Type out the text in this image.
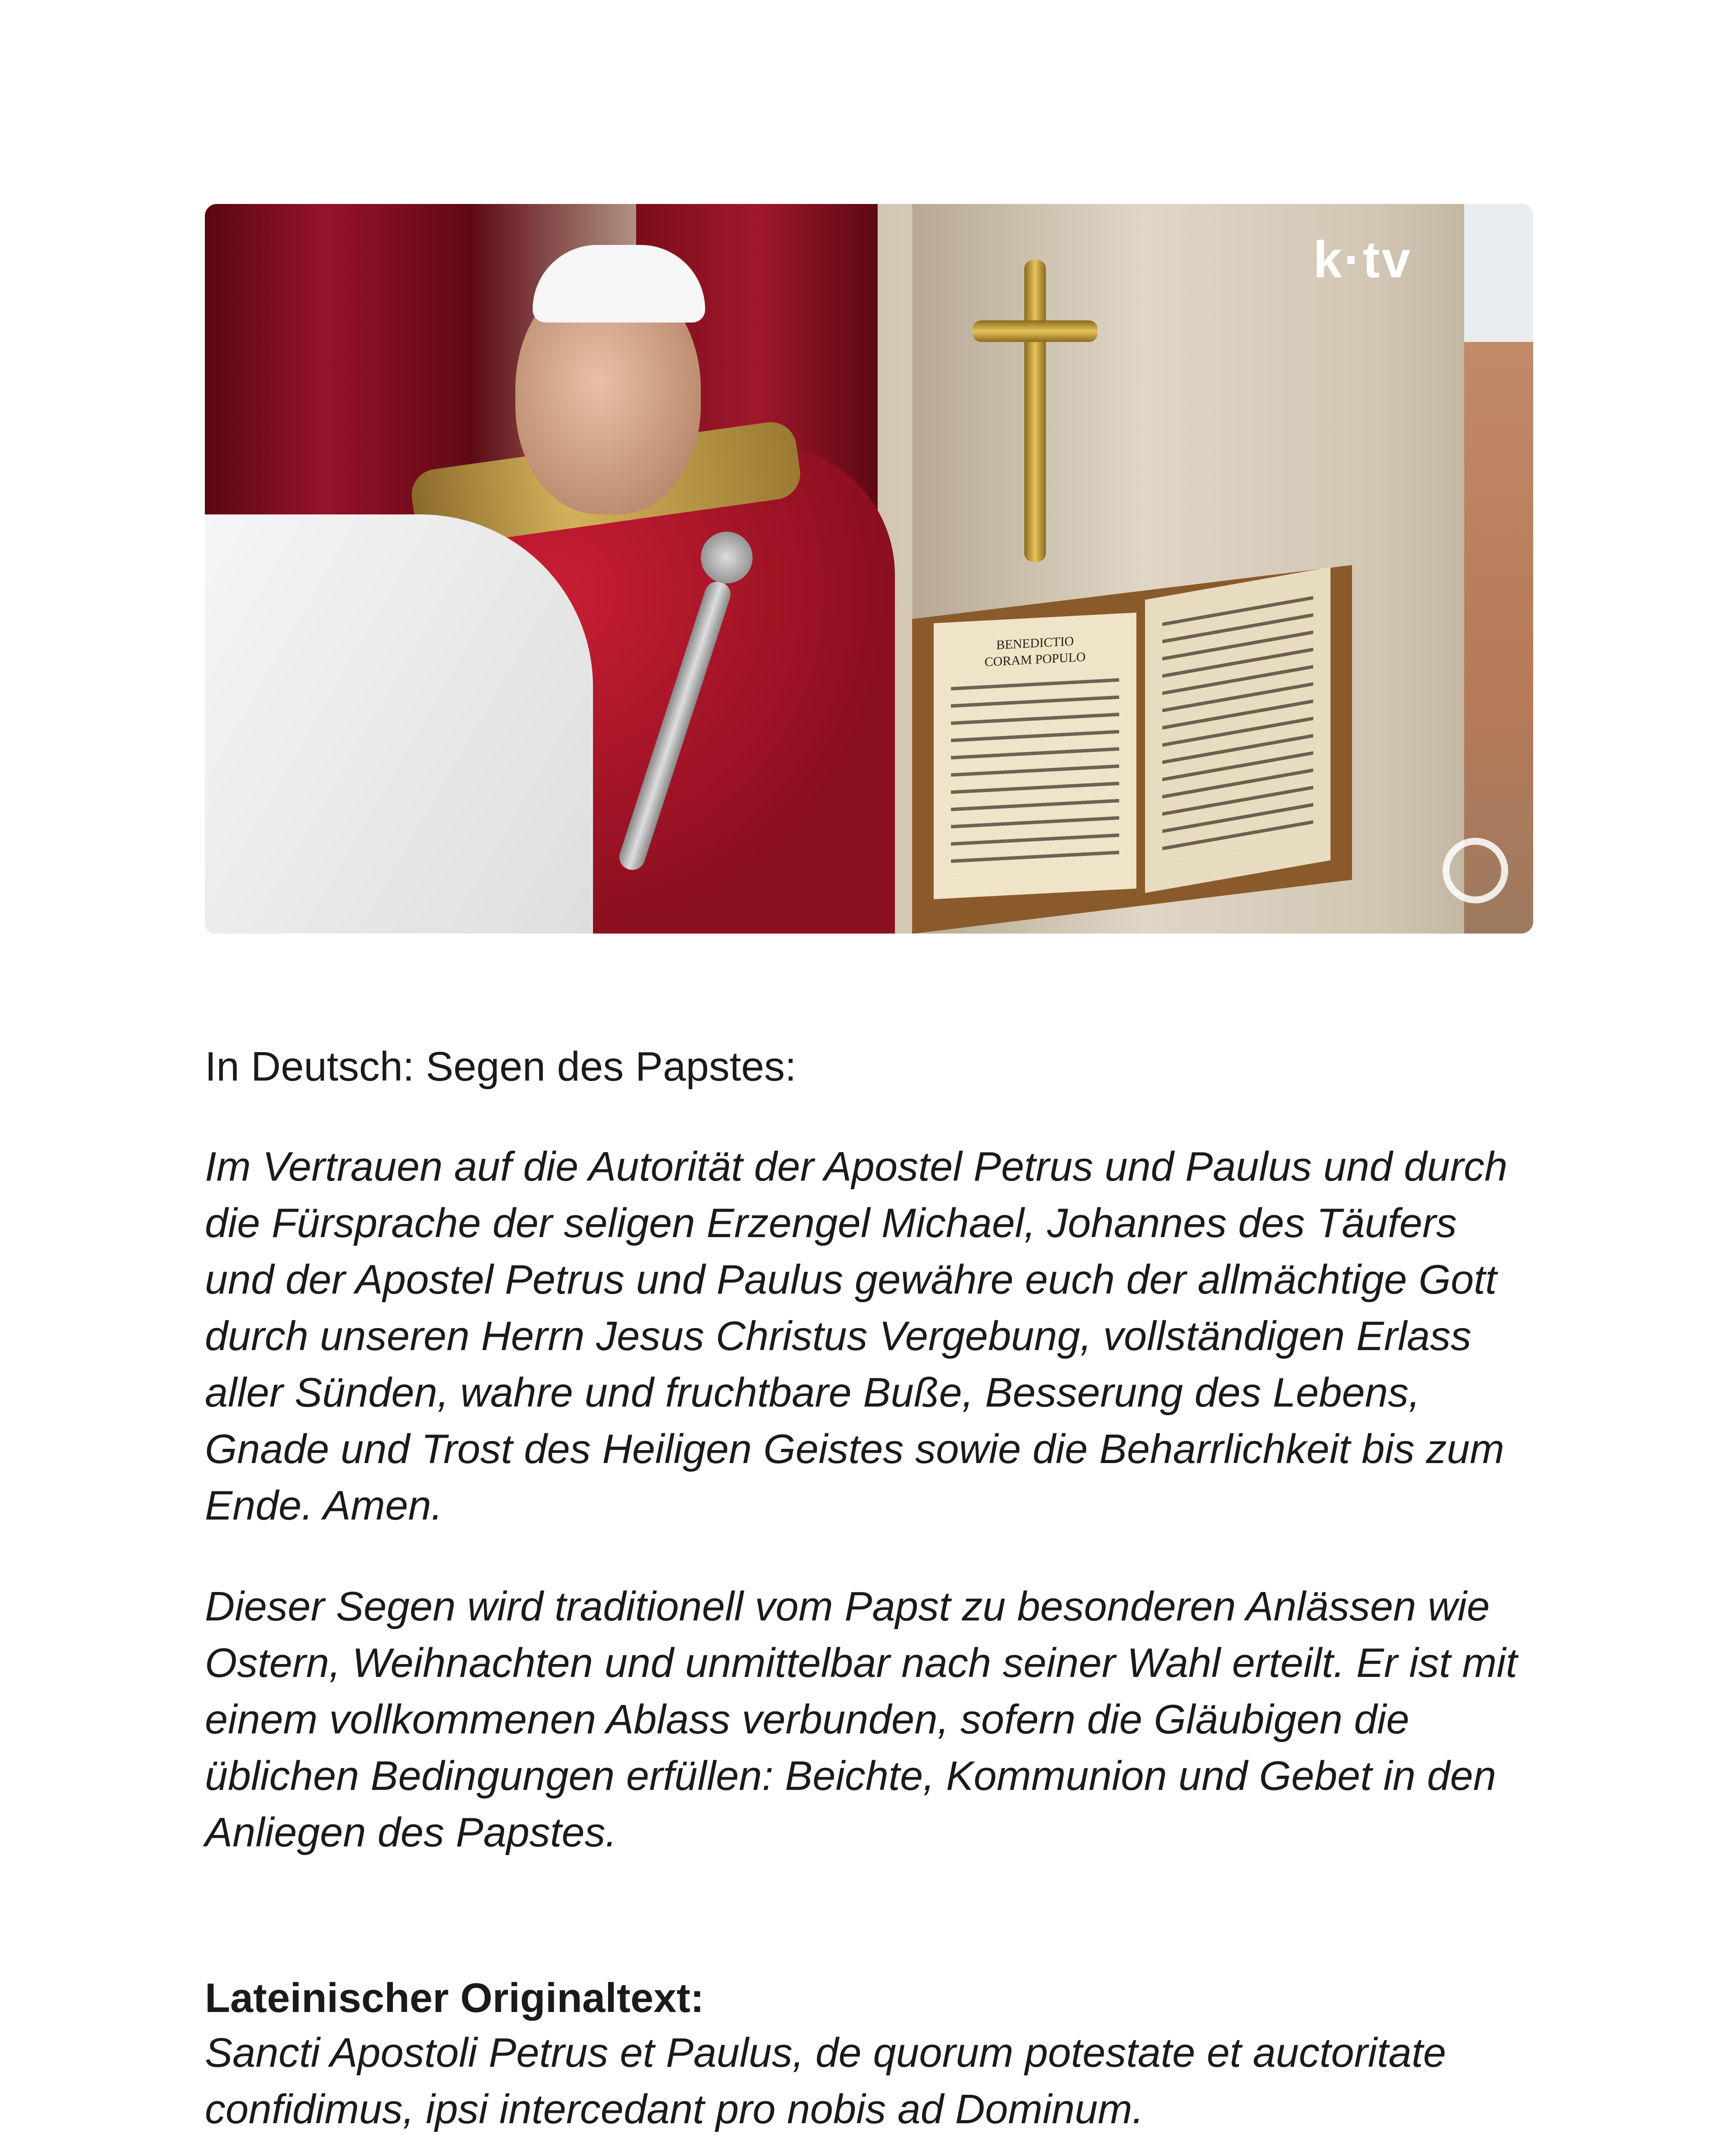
BENEDICTIO
CORAM POPULO
k·tv
In Deutsch: Segen des Papstes:
Im Vertrauen auf die Autorität der Apostel Petrus und Paulus und durch die Fürsprache der seligen Erzengel Michael, Johannes des Täufers und der Apostel Petrus und Paulus gewähre euch der allmächtige Gott durch unseren Herrn Jesus Christus Vergebung, vollständigen Erlass aller Sünden, wahre und fruchtbare Buße, Besserung des Lebens, Gnade und Trost des Heiligen Geistes sowie die Beharrlichkeit bis zum Ende. Amen.
Dieser Segen wird traditionell vom Papst zu besonderen Anlässen wie Ostern, Weihnachten und unmittelbar nach seiner Wahl erteilt. Er ist mit einem vollkommenen Ablass verbunden, sofern die Gläubigen die üblichen Bedingungen erfüllen: Beichte, Kommunion und Gebet in den Anliegen des Papstes.
Lateinischer Originaltext:
Sancti Apostoli Petrus et Paulus, de quorum potestate et auctoritate confidimus, ipsi intercedant pro nobis ad Dominum.
